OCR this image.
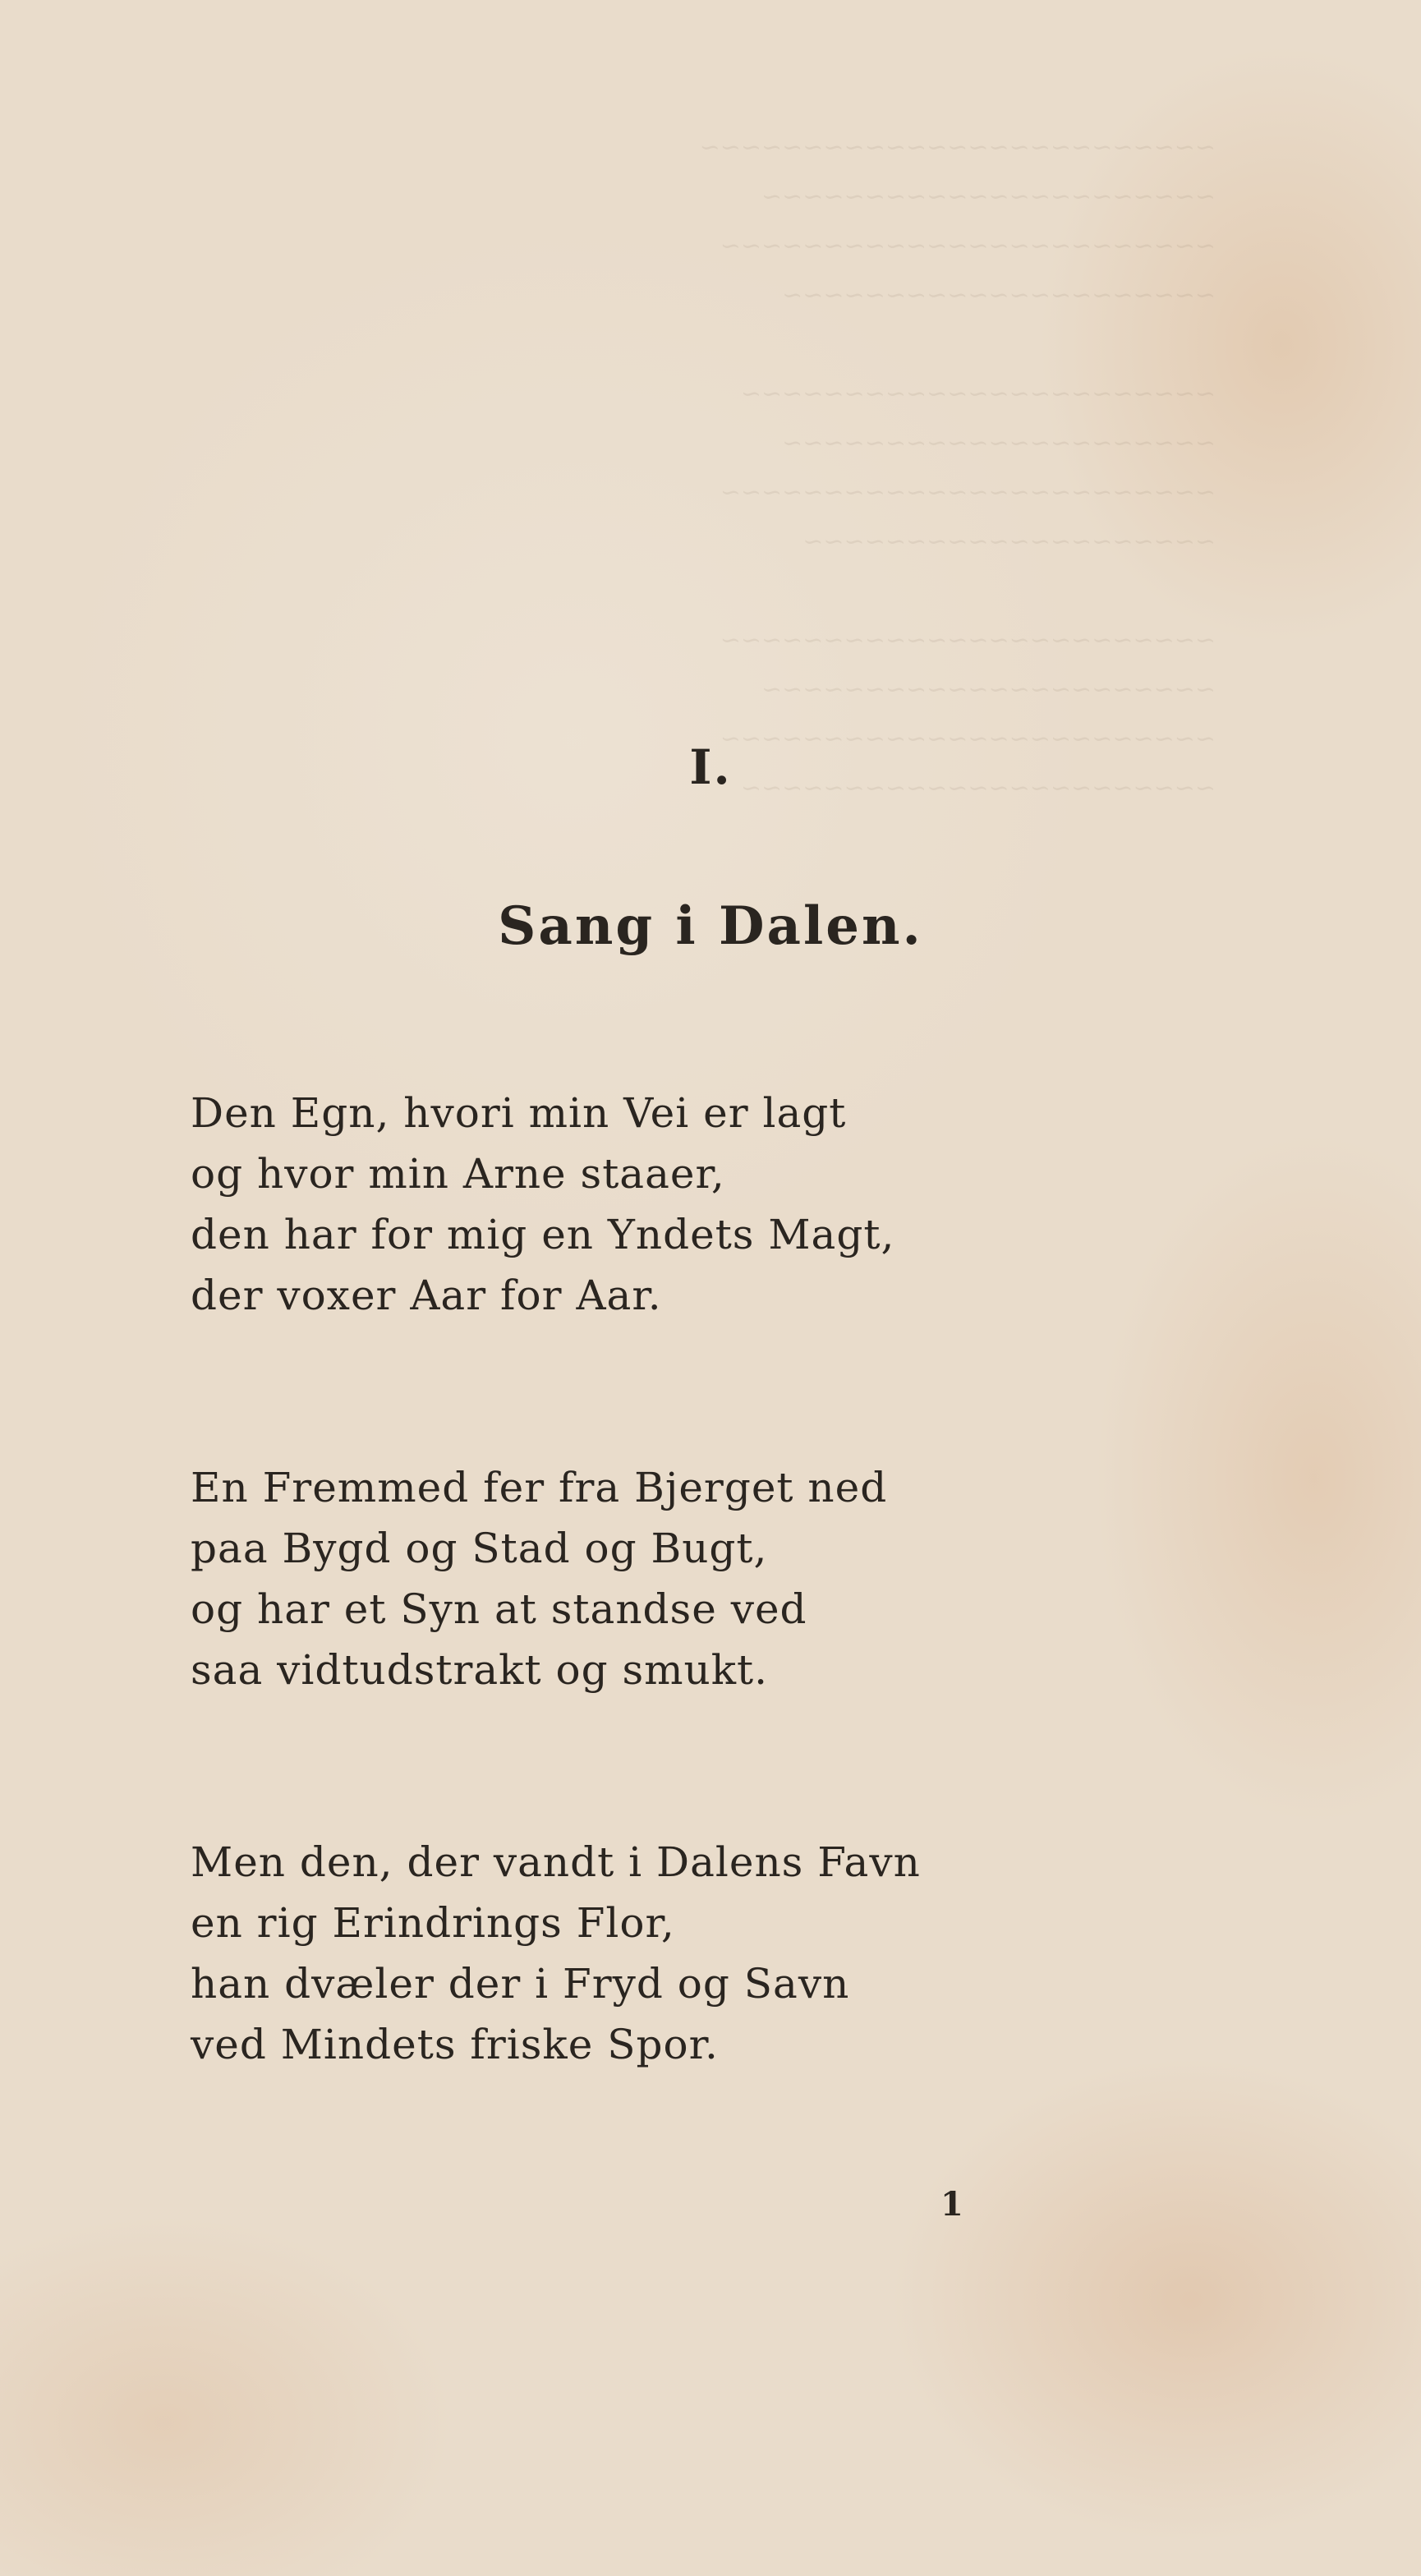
~~~~~~~~~~~~~~~~~~~~~~~~~
~~~~~~~~~~~~~~~~~~~~~~
~~~~~~~~~~~~~~~~~~~~~~~~
~~~~~~~~~~~~~~~~~~~~~

~~~~~~~~~~~~~~~~~~~~~~~
~~~~~~~~~~~~~~~~~~~~~
~~~~~~~~~~~~~~~~~~~~~~~~
~~~~~~~~~~~~~~~~~~~~

~~~~~~~~~~~~~~~~~~~~~~~~
~~~~~~~~~~~~~~~~~~~~~~
~~~~~~~~~~~~~~~~~~~~~~~~
~~~~~~~~~~~~~~~~~~~~~~~
I.
Sang i Dalen.
Den Egn, hvori min Vei er lagt
og hvor min Arne staaer,
den har for mig en Yndets Magt,
der voxer Aar for Aar.
En Fremmed fer fra Bjerget ned
paa Bygd og Stad og Bugt,
og har et Syn at standse ved
saa vidtudstrakt og smukt.
Men den, der vandt i Dalens Favn
en rig Erindrings Flor,
han dvæler der i Fryd og Savn
ved Mindets friske Spor.
1
